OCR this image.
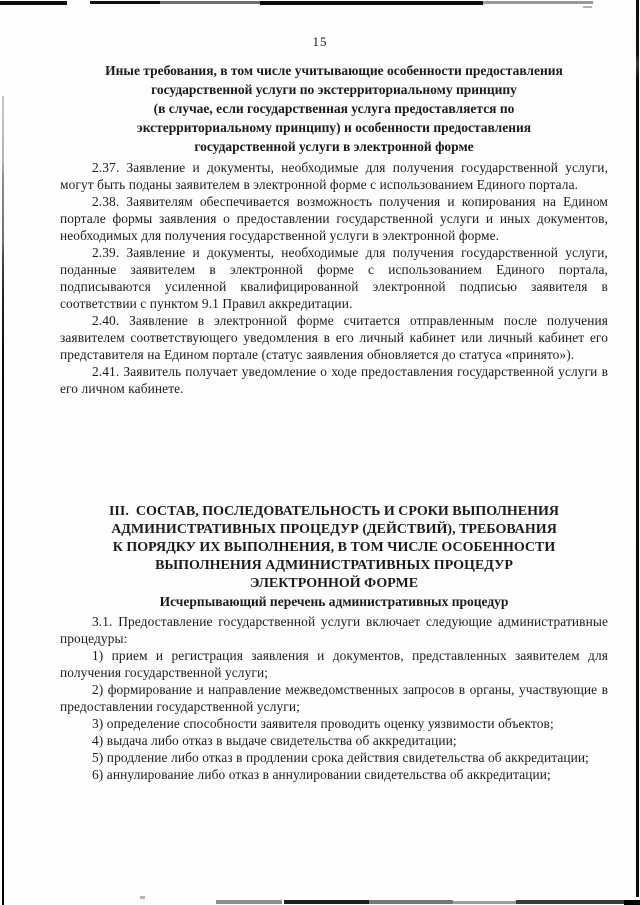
15
Иные требования, в том числе учитывающие особенности предоставления
государственной услуги по экстерриториальному принципу
(в случае, если государственная услуга предоставляется по
экстерриториальному принципу) и особенности предоставления
государственной услуги в электронной форме

2.37. Заявление и документы, необходимые для получения государственной услуги, могут быть поданы заявителем в электронной форме с использованием Единого портала.

2.38. Заявителям обеспечивается возможность получения и копирования на Едином портале формы заявления о предоставлении государственной услуги и иных документов, необходимых для получения государственной услуги в электронной форме.

2.39. Заявление и документы, необходимые для получения государственной услуги, поданные заявителем в электронной форме с использованием Единого портала, подписываются усиленной квалифицированной электронной подписью заявителя в соответствии с пунктом 9.1 Правил аккредитации.

2.40. Заявление в электронной форме считается отправленным после получения заявителем соответствующего уведомления в его личный кабинет или личный кабинет его представителя на Едином портале (статус заявления обновляется до статуса «принято»).

2.41. Заявитель получает уведомление о ходе предоставления государственной услуги в его личном кабинете.

III.  СОСТАВ, ПОСЛЕДОВАТЕЛЬНОСТЬ И СРОКИ ВЫПОЛНЕНИЯ
АДМИНИСТРАТИВНЫХ ПРОЦЕДУР (ДЕЙСТВИЙ), ТРЕБОВАНИЯ
К ПОРЯДКУ ИХ ВЫПОЛНЕНИЯ, В ТОМ ЧИСЛЕ ОСОБЕННОСТИ
ВЫПОЛНЕНИЯ АДМИНИСТРАТИВНЫХ ПРОЦЕДУР
ЭЛЕКТРОННОЙ ФОРМЕ
Исчерпывающий перечень административных процедур

3.1. Предоставление государственной услуги включает следующие административные процедуры:

1) прием и регистрация заявления и документов, представленных заявителем для получения государственной услуги;

2) формирование и направление межведомственных запросов в органы, участвующие в предоставлении государственной услуги;

3) определение способности заявителя проводить оценку уязвимости объектов;

4) выдача либо отказ в выдаче свидетельства об аккредитации;

5) продление либо отказ в продлении срока действия свидетельства об аккредитации;

6) аннулирование либо отказ в аннулировании свидетельства об аккредитации;
